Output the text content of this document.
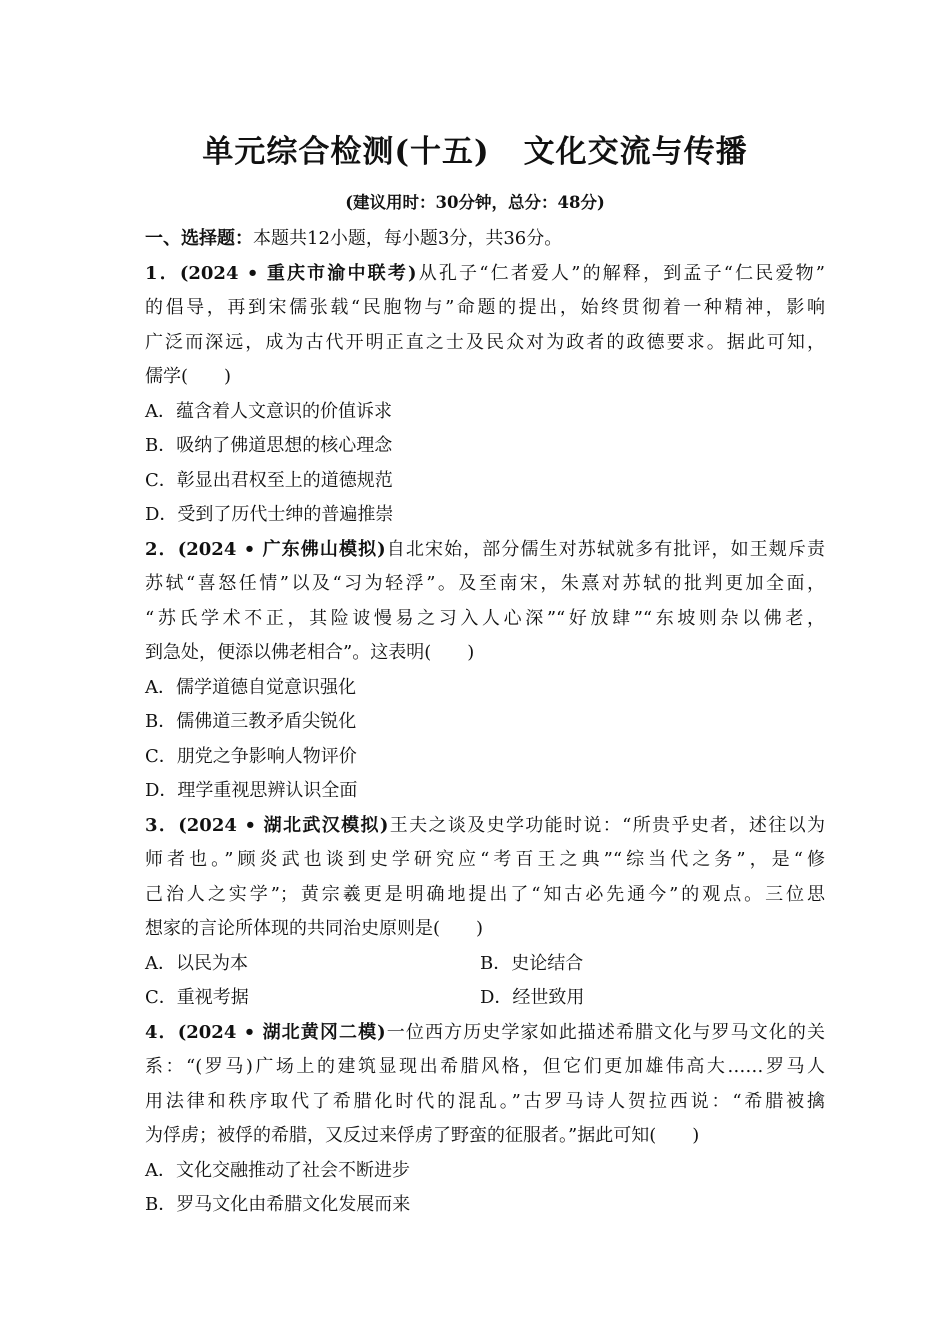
单元综合检测(十五) 文化交流与传播
(建议用时：30分钟，总分：48分)
一、选择题：本题共12小题，每小题3分，共36分。
1．(2024 • 重庆市渝中联考)从孔子“仁者爱人”的解释，到孟子“仁民爱物”
的倡导，再到宋儒张载“民胞物与”命题的提出，始终贯彻着一种精神，影响
广泛而深远，成为古代开明正直之士及民众对为政者的政德要求。据此可知，
儒学(　　)
A．蕴含着人文意识的价值诉求
B．吸纳了佛道思想的核心理念
C．彰显出君权至上的道德规范
D．受到了历代士绅的普遍推崇
2．(2024 • 广东佛山模拟)自北宋始，部分儒生对苏轼就多有批评，如王觌斥责
苏轼“喜怒任情”以及“习为轻浮”。及至南宋，朱熹对苏轼的批判更加全面，
“苏氏学术不正，其险诐慢易之习入人心深”“好放肆”“东坡则杂以佛老，
到急处，便添以佛老相合”。这表明(　　)
A．儒学道德自觉意识强化
B．儒佛道三教矛盾尖锐化
C．朋党之争影响人物评价
D．理学重视思辨认识全面
3．(2024 • 湖北武汉模拟)王夫之谈及史学功能时说：“所贵乎史者，述往以为
师者也。”顾炎武也谈到史学研究应“考百王之典”“综当代之务”，是“修
己治人之实学”；黄宗羲更是明确地提出了“知古必先通今”的观点。三位思
想家的言论所体现的共同治史原则是(　　)
A．以民为本	B．史论结合
C．重视考据	D．经世致用
4．(2024 • 湖北黄冈二模)一位西方历史学家如此描述希腊文化与罗马文化的关
系：“(罗马)广场上的建筑显现出希腊风格，但它们更加雄伟高大……罗马人
用法律和秩序取代了希腊化时代的混乱。”古罗马诗人贺拉西说：“希腊被擒
为俘虏；被俘的希腊，又反过来俘虏了野蛮的征服者。”据此可知(　　)
A．文化交融推动了社会不断进步
B．罗马文化由希腊文化发展而来
